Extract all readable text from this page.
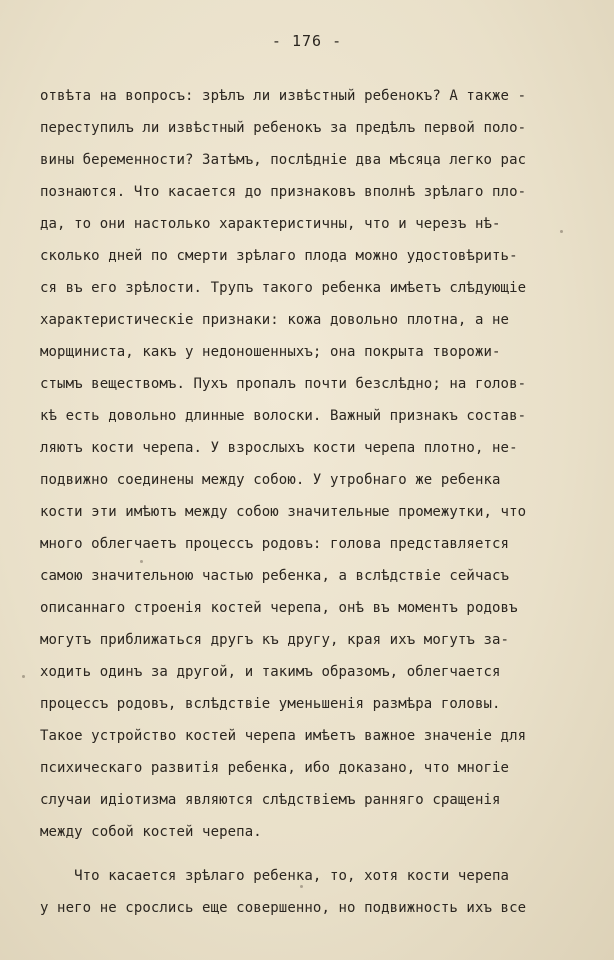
- 176 -
отвѣта на вопросъ: зрѣлъ ли извѣстный ребенокъ? А также -
переступилъ ли извѣстный ребенокъ за предѣлъ первой поло-
вины беременности? Затѣмъ, послѣдніе два мѣсяца легко рас
познаются. Что касается до признаковъ вполнѣ зрѣлаго пло-
да, то они настолько характеристичны, что и черезъ нѣ-
сколько дней по смерти зрѣлаго плода можно удостовѣрить-
ся въ его зрѣлости. Трупъ такого ребенка имѣетъ слѣдующіе
характеристическіе признаки: кожа довольно плотна, а не
морщиниста, какъ у недоношенныхъ; она покрыта творожи-
стымъ веществомъ. Пухъ пропалъ почти безслѣдно; на голов-
кѣ есть довольно длинные волоски. Важный признакъ состав-
ляютъ кости черепа. У взрослыхъ кости черепа плотно, не-
подвижно соединены между собою. У утробнаго же ребенка
кости эти имѣютъ между собою значительные промежутки, что
много облегчаетъ процессъ родовъ: голова представляется
самою значительною частью ребенка, а вслѣдствіе сейчасъ
описаннаго строенія костей черепа, онѣ въ моментъ родовъ
могутъ приближаться другъ къ другу, края ихъ могутъ за-
ходить одинъ за другой, и такимъ образомъ, облегчается
процессъ родовъ, вслѣдствіе уменьшенія размѣра головы.
Такое устройство костей черепа имѣетъ важное значеніе для
психическаго развитія ребенка, ибо доказано, что многіе
случаи идіотизма являются слѣдствіемъ ранняго сращенія
между собой костей черепа.
Что касается зрѣлаго ребенка, то, хотя кости черепа
у него не срослись еще совершенно, но подвижность ихъ все
